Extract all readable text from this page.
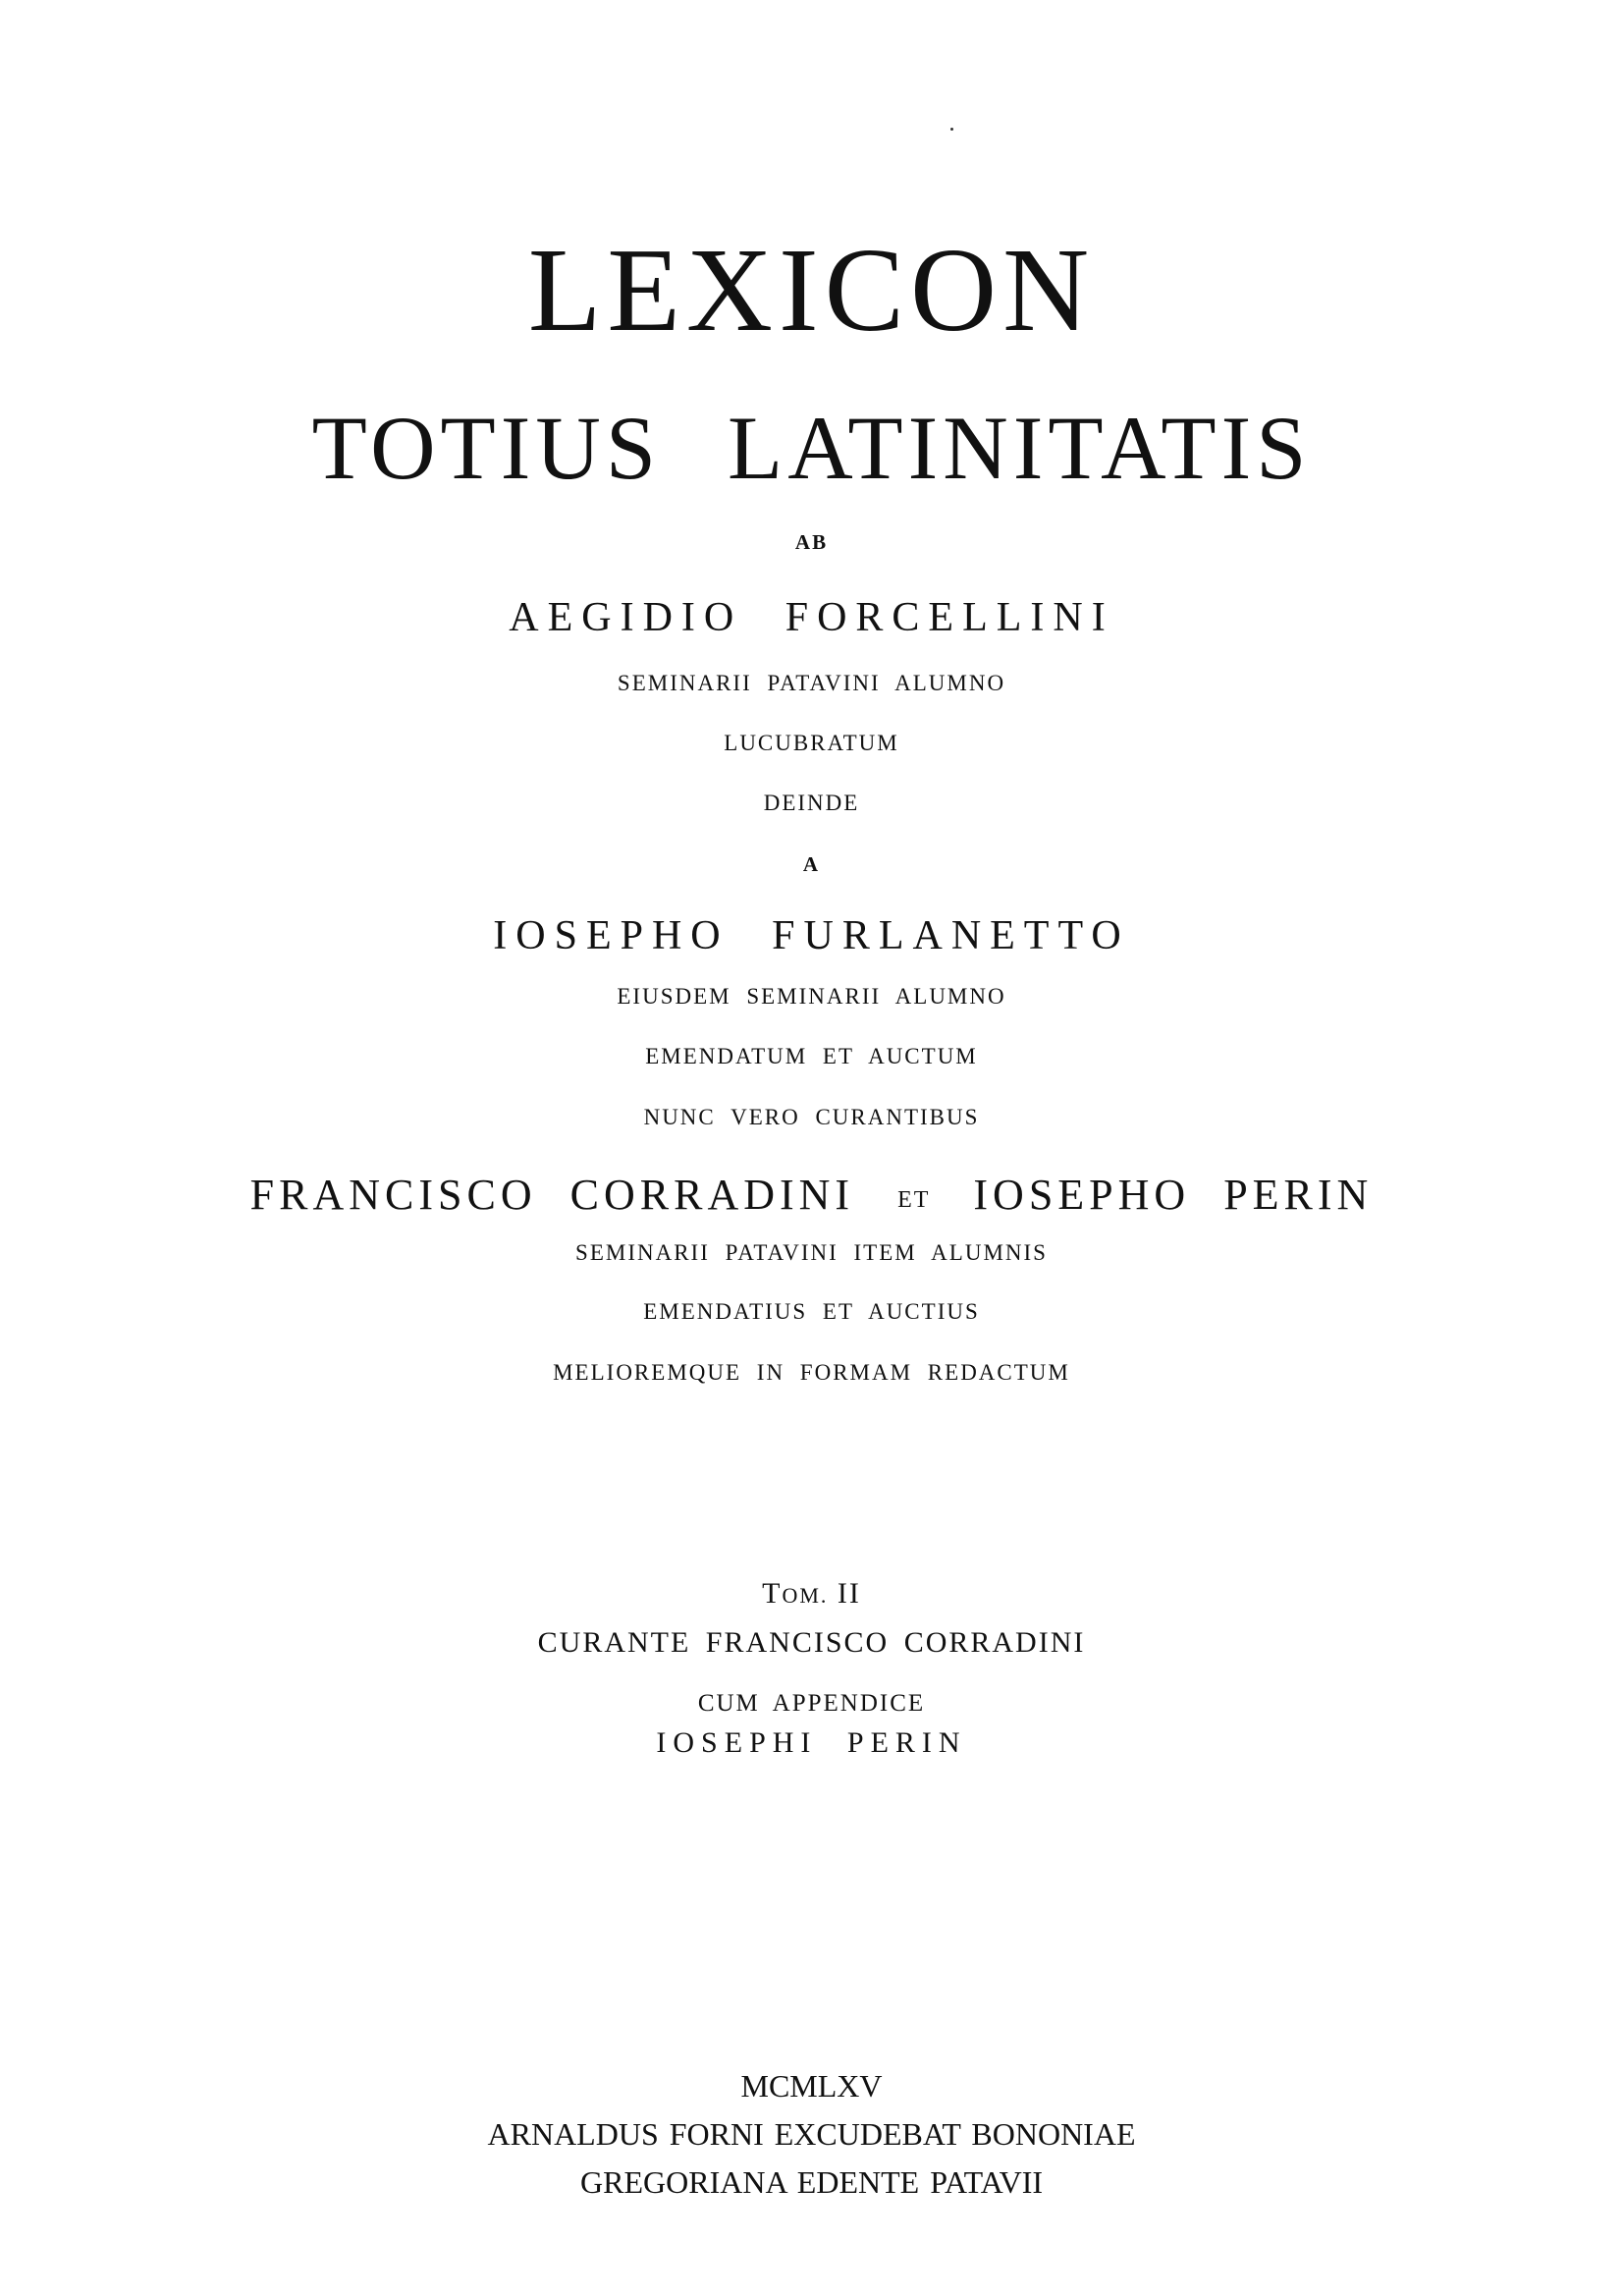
LEXICON
TOTIUS LATINITATIS
AB
AEGIDIO FORCELLINI
SEMINARII PATAVINI ALUMNO
LUCUBRATUM
DEINDE
A
IOSEPHO FURLANETTO
EIUSDEM SEMINARII ALUMNO
EMENDATUM ET AUCTUM
NUNC VERO CURANTIBUS
FRANCISCO CORRADINI ET IOSEPHO PERIN
SEMINARII PATAVINI ITEM ALUMNIS
EMENDATIUS ET AUCTIUS
MELIOREMQUE IN FORMAM REDACTUM
TOM. II
CURANTE FRANCISCO CORRADINI
CUM APPENDICE
IOSEPHI PERIN
MCMLXV
ARNALDUS FORNI EXCUDEBAT BONONIAE
GREGORIANA EDENTE PATAVII
